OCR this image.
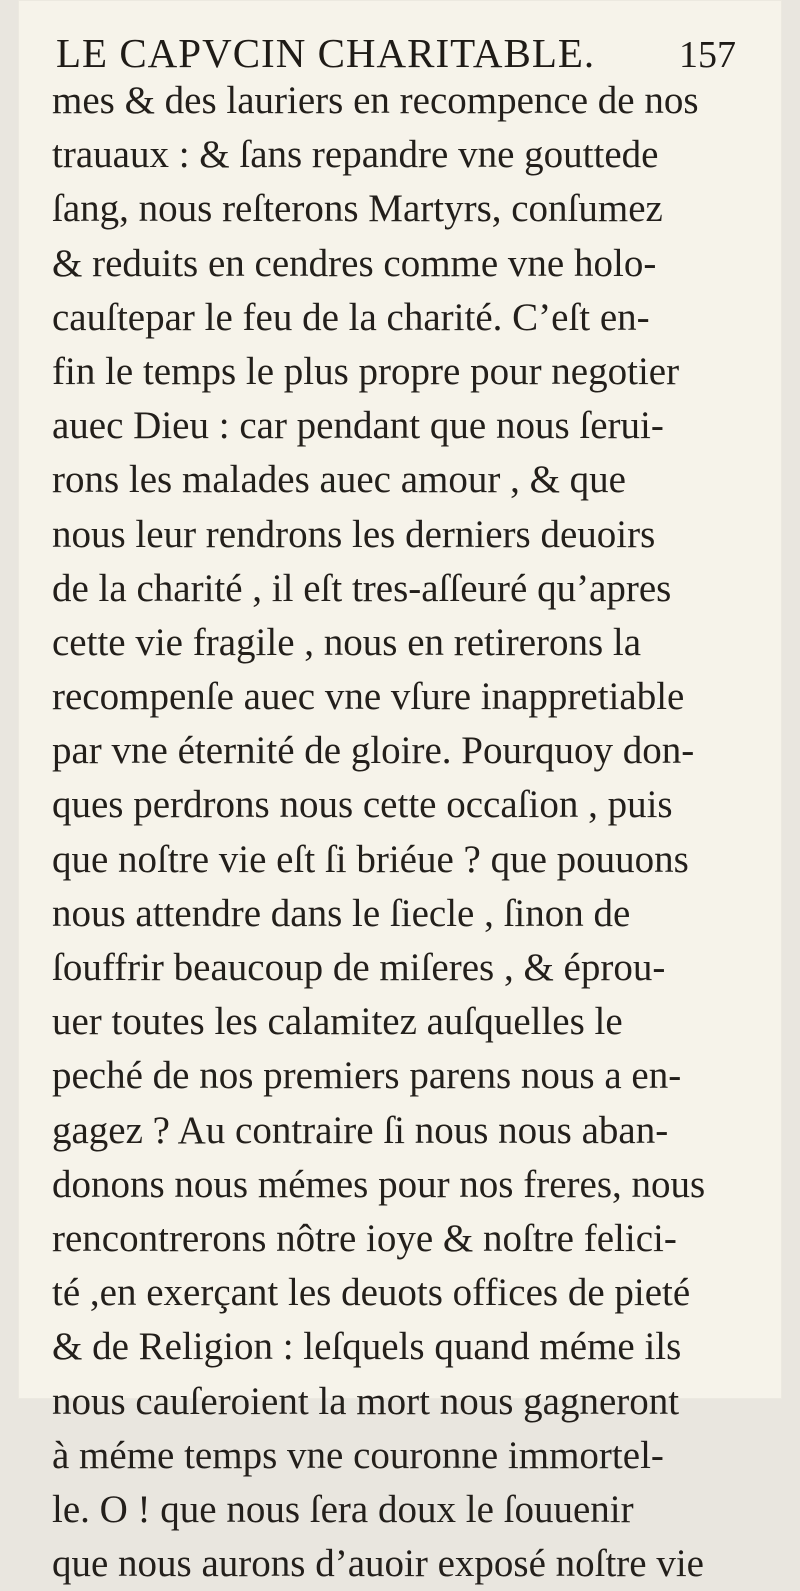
LE CAPVCIN CHARITABLE. 157
mes & des lauriers en recompence de nos
trauaux : & ſans repandre vne gouttede
ſang, nous reſterons Martyrs, conſumez
& reduits en cendres comme vne holo-
cauſtepar le feu de la charité. C’eſt en-
fin le temps le plus propre pour negotier
auec Dieu : car pendant que nous ſerui-
rons les malades auec amour , & que
nous leur rendrons les derniers deuoirs
de la charité , il eſt tres-aſſeuré qu’apres
cette vie fragile , nous en retirerons la
recompenſe auec vne vſure inappretiable
par vne éternité de gloire. Pourquoy don-
ques perdrons nous cette occaſion , puis
que noſtre vie eſt ſi briéue ? que pouuons
nous attendre dans le ſiecle , ſinon de
ſouffrir beaucoup de miſeres , & éprou-
uer toutes les calamitez auſquelles le
peché de nos premiers parens nous a en-
gagez ? Au contraire ſi nous nous aban-
donons nous mémes pour nos freres, nous
rencontrerons nôtre ioye & noſtre felici-
té ,en exerçant les deuots offices de pieté
& de Religion : leſquels quand méme ils
nous cauſeroient la mort nous gagneront
à méme temps vne couronne immortel-
le. O ! que nous ſera doux le ſouuenir
que nous aurons d’auoir exposé noſtre vie
